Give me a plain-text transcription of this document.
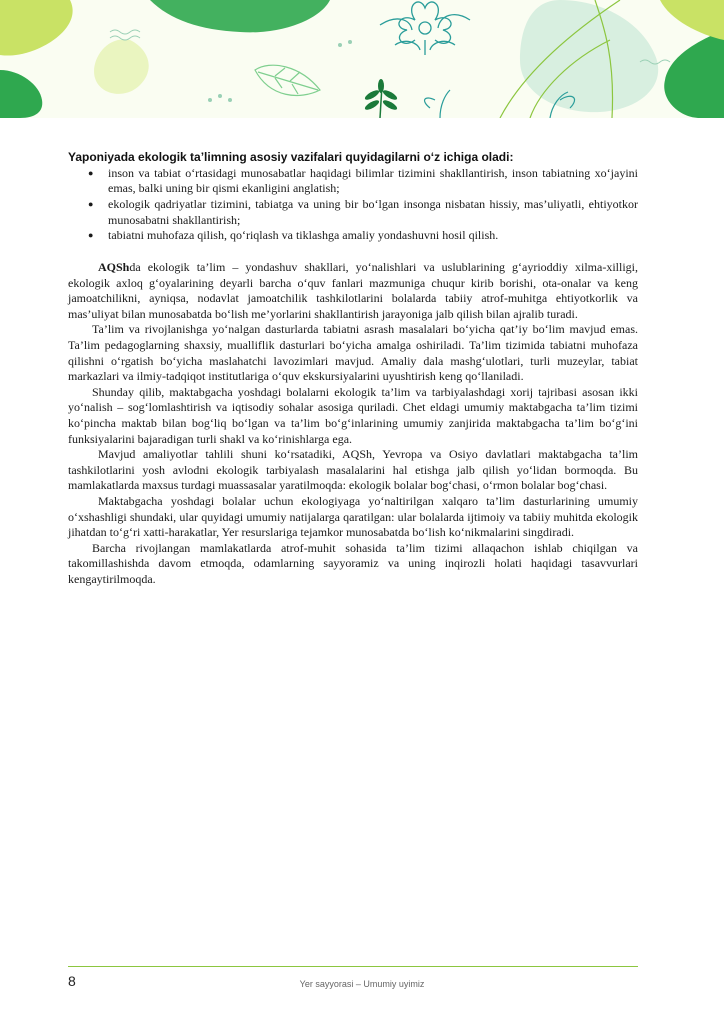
Yaponiyada ekologik ta’limning asosiy vazifalari quyidagilarni o‘z ichiga oladi:

● inson va tabiat o‘rtasidagi munosabatlar haqidagi bilimlar tizimini shakllantirish, inson tabiatning xo‘jayini emas, balki uning bir qismi ekanligini anglatish;
● ekologik qadriyatlar tizimini, tabiatga va uning bir bo‘lgan insonga nisbatan hissiy, mas’uliyatli, ehtiyotkor munosabatni shakllantirish;
● tabiatni muhofaza qilish, qo‘riqlash va tiklashga amaliy yondashuvni hosil qilish.

AQShda ekologik ta’lim – yondashuv shakllari, yo‘nalishlari va uslublarining g‘ayrioddiy xilma-xilligi, ekologik axloq g‘oyalarining deyarli barcha o‘quv fanlari mazmuniga chuqur kirib borishi, ota-onalar va keng jamoatchilikni, ayniqsa, nodavlat jamoatchilik tashkilotlarini bolalarda tabiiy atrof-muhitga ehtiyotkorlik va mas’uliyat bilan munosabatda bo‘lish me’yorlarini shakllantirish jarayoniga jalb qilish bilan ajralib turadi.

Ta’lim va rivojlanishga yo‘nalgan dasturlarda tabiatni asrash masalalari bo‘yicha qat’iy bo‘lim mavjud emas. Ta’lim pedagoglarning shaxsiy, mualliflik dasturlari bo‘yicha amalga oshiriladi. Ta’lim tizimida tabiatni muhofaza qilishni o‘rgatish bo‘yicha maslahatchi lavozimlari mavjud. Amaliy dala mashg‘ulotlari, turli muzeylar, tabiat markazlari va ilmiy-tadqiqot institutlariga o‘quv ekskursiyalarini uyushtirish keng qo‘llaniladi.

Shunday qilib, maktabgacha yoshdagi bolalarni ekologik ta’lim va tarbiyalashdagi xorij tajribasi asosan ikki yo‘nalish – sog‘lomlashtirish va iqtisodiy sohalar asosiga quriladi. Chet eldagi umumiy maktabgacha ta’lim tizimi ko‘pincha maktab bilan bog‘liq bo‘lgan va ta’lim bo‘g‘inlarining umumiy zanjirida maktabgacha ta’lim bo‘g‘ini funksiyalarini bajaradigan turli shakl va ko‘rinishlarga ega.

Mavjud amaliyotlar tahlili shuni ko‘rsatadiki, AQSh, Yevropa va Osiyo davlatlari maktabgacha ta’lim tashkilotlarini yosh avlodni ekologik tarbiyalash masalalarini hal etishga jalb qilish yo‘lidan bormoqda. Bu mamlakatlarda maxsus turdagi muassasalar yaratilmoqda: ekologik bolalar bog‘chasi, o‘rmon bolalar bog‘chasi.

Maktabgacha yoshdagi bolalar uchun ekologiyaga yo‘naltirilgan xalqaro ta’lim dasturlarining umumiy o‘xshashligi shundaki, ular quyidagi umumiy natijalarga qaratilgan: ular bolalarda ijtimoiy va tabiiy muhitda ekologik jihatdan to‘g‘ri xatti-harakatlar, Yer resurslariga tejamkor munosabatda bo‘lish ko‘nikmalarini singdiradi.

Barcha rivojlangan mamlakatlarda atrof-muhit sohasida ta’lim tizimi allaqachon ishlab chiqilgan va takomillashishda davom etmoqda, odamlarning sayyoramiz va uning inqirozli holati haqidagi tasavvurlari kengaytirilmoqda.

8	Yer sayyorasi – Umumiy uyimiz
